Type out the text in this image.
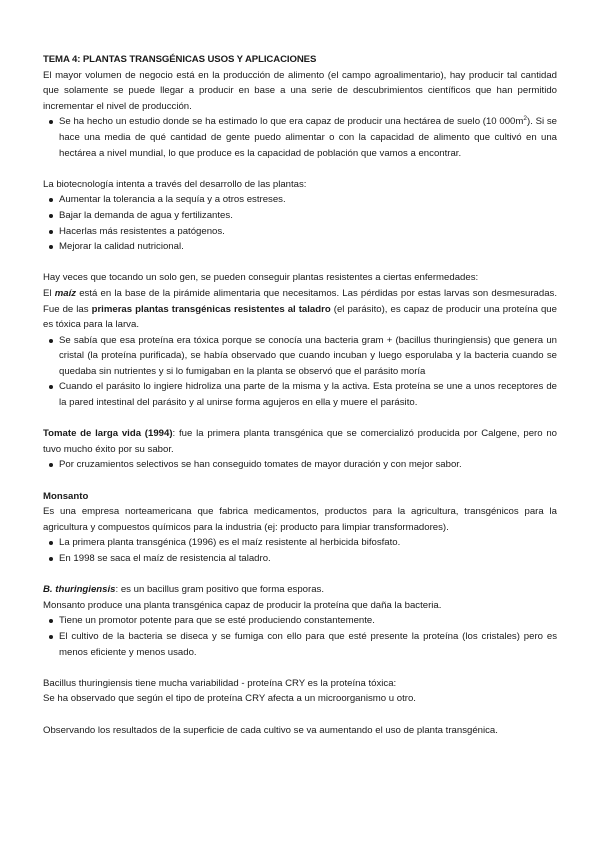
TEMA 4: PLANTAS TRANSGÉNICAS USOS Y APLICACIONES

El mayor volumen de negocio está en la producción de alimento (el campo agroalimentario), hay producir tal cantidad que solamente se puede llegar a producir en base a una serie de descubrimientos científicos que han permitido incrementar el nivel de producción.

Se ha hecho un estudio donde se ha estimado lo que era capaz de producir una hectárea de suelo (10 $000m^2$). Si se hace una media de qué cantidad de gente puedo alimentar o con la capacidad de alimento que cultivó en una hectárea a nivel mundial, lo que produce es la capacidad de población que vamos a encontrar.

La biotecnología intenta a través del desarrollo de las plantas:

Aumentar la tolerancia a la sequía y a otros estreses.
Bajar la demanda de agua y fertilizantes.
Hacerlas más resistentes a patógenos.
Mejorar la calidad nutricional.

Hay veces que tocando un solo gen, se pueden conseguir plantas resistentes a ciertas enfermedades:

El maíz está en la base de la pirámide alimentaria que necesitamos. Las pérdidas por estas larvas son desmesuradas. Fue de las primeras plantas transgénicas resistentes al taladro (el parásito), es capaz de producir una proteína que es tóxica para la larva.

Se sabía que esa proteína era tóxica porque se conocía una bacteria gram + (bacillus thuringiensis) que genera un cristal (la proteína purificada), se había observado que cuando incuban y luego esporulaba y la bacteria cuando se quedaba sin nutrientes y si lo fumigaban en la planta se observó que el parásito moría
Cuando el parásito lo ingiere hidroliza una parte de la misma y la activa. Esta proteína se une a unos receptores de la pared intestinal del parásito y al unirse forma agujeros en ella y muere el parásito.

Tomate de larga vida (1994): fue la primera planta transgénica que se comercializó producida por Calgene, pero no tuvo mucho éxito por su sabor.

Por cruzamientos selectivos se han conseguido tomates de mayor duración y con mejor sabor.

Monsanto

Es una empresa norteamericana que fabrica medicamentos, productos para la agricultura, transgénicos para la agricultura y compuestos químicos para la industria (ej: producto para limpiar transformadores).

La primera planta transgénica (1996) es el maíz resistente al herbicida bifosfato.
En 1998 se saca el maíz de resistencia al taladro.

B. thuringiensis: es un bacillus gram positivo que forma esporas.

Monsanto produce una planta transgénica capaz de producir la proteína que daña la bacteria.

Tiene un promotor potente para que se esté produciendo constantemente.
El cultivo de la bacteria se diseca y se fumiga con ello para que esté presente la proteína (los cristales) pero es menos eficiente y menos usado.

Bacillus thuringiensis tiene mucha variabilidad - proteína CRY es la proteína tóxica:

Se ha observado que según el tipo de proteína CRY afecta a un microorganismo u otro.

Observando los resultados de la superficie de cada cultivo se va aumentando el uso de planta transgénica.
